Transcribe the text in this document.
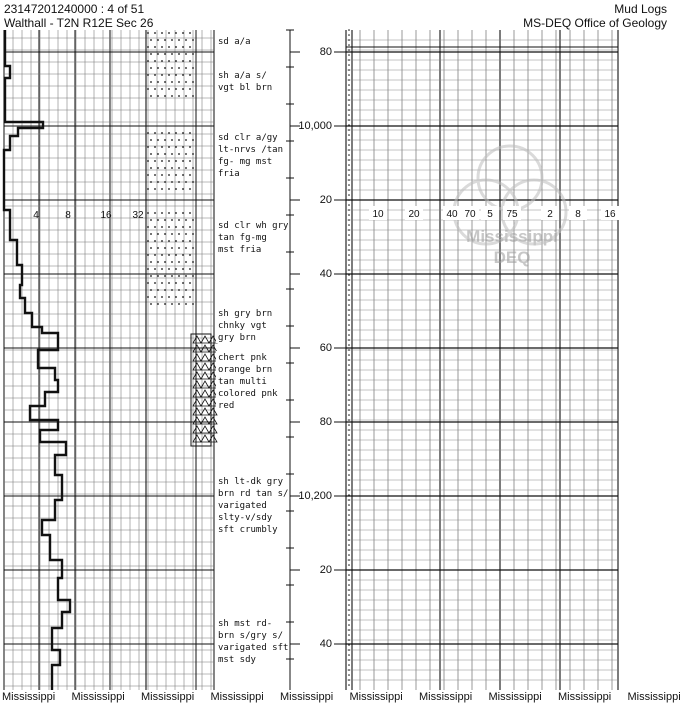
23147201240000 : 4 of 51
Walthall - T2N R12E Sec 26
Mud Logs
MS-DEQ Office of Geology
Mississippi
DEQ
4	8	16 32	10 20	40 70 5 75	2 8 16
80
10,000
20
40
60
80
10,200
20
40
sd a/a
sh a/a s/
vgt bl brn
sd clr a/gy
lt-nrvs /tan
fg- mg mst
fria
sd clr wh gry
tan fg-mg
mst fria
sh gry brn
chnky vgt
gry brn
chert pnk
orange brn
tan multi
colored pnk
red
sh lt-dk gry
brn rd tan s/
varigated
slty-v/sdy
sft crumbly
sh mst rd-
brn s/gry s/
varigated sft
mst sdy
Mississippi Mississippi Mississippi Mississippi Mississippi Mississippi Mississippi Mississippi Mississippi Mississippi
